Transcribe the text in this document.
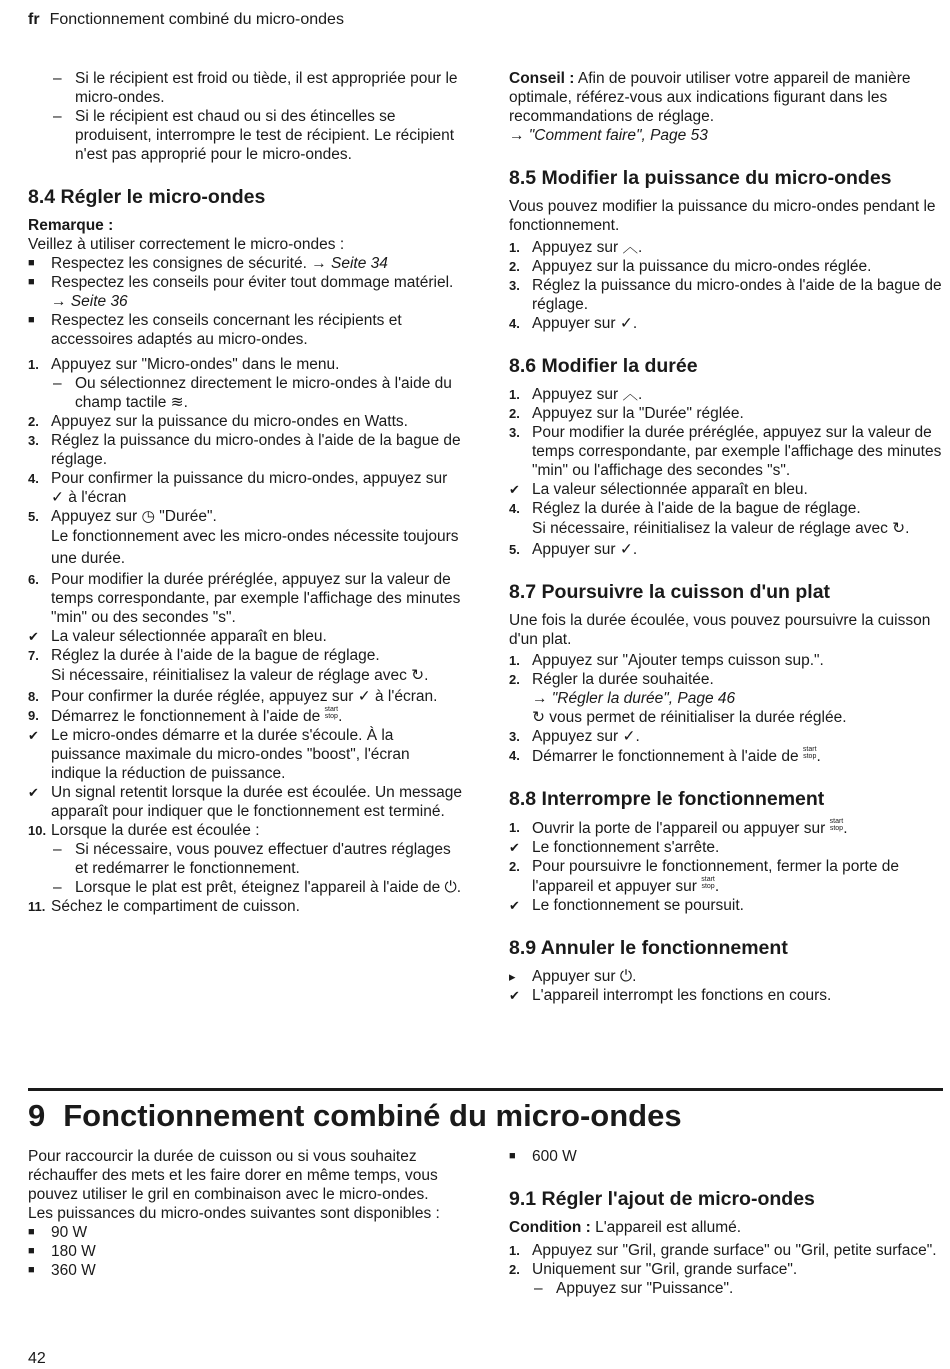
fr Fonctionnement combiné du micro-ondes
– Si le récipient est froid ou tiède, il est appropriée pour le micro-ondes.
– Si le récipient est chaud ou si des étincelles se produisent, interrompre le test de récipient. Le récipient n'est pas approprié pour le micro-ondes.
8.4 Régler le micro-ondes

Remarque :

Veillez à utiliser correctement le micro-ondes :

■ Respectez les consignes de sécurité. → Seite 34
■ Respectez les conseils pour éviter tout dommage matériel. → Seite 36
■ Respectez les conseils concernant les récipients et accessoires adaptés au micro-ondes.
1. Appuyez sur "Micro-ondes" dans le menu.
– Ou sélectionnez directement le micro-ondes à l'aide du champ tactile ≋.
2. Appuyez sur la puissance du micro-ondes en Watts.
3. Réglez la puissance du micro-ondes à l'aide de la bague de réglage.
4. Pour confirmer la puissance du micro-ondes, appuyez sur ✓ à l'écran
5. Appuyez sur ◷ "Durée".

Le fonctionnement avec les micro-ondes nécessite toujours une durée.

6. Pour modifier la durée préréglée, appuyez sur la valeur de temps correspondante, par exemple l'affichage des minutes "min" ou des secondes "s".
✔ La valeur sélectionnée apparaît en bleu.
7. Réglez la durée à l'aide de la bague de réglage.

Si nécessaire, réinitialisez la valeur de réglage avec ↻.

8. Pour confirmer la durée réglée, appuyez sur ✓ à l'écran.
9. Démarrez le fonctionnement à l'aide de start
stop.
✔ Le micro-ondes démarre et la durée s'écoule. À la puissance maximale du micro-ondes "boost", l'écran indique la réduction de puissance.
✔ Un signal retentit lorsque la durée est écoulée. Un message apparaît pour indiquer que le fonctionnement est terminé.
10. Lorsque la durée est écoulée :
– Si nécessaire, vous pouvez effectuer d'autres réglages et redémarrer le fonctionnement.
– Lorsque le plat est prêt, éteignez l'appareil à l'aide de ⏻.
11. Séchez le compartiment de cuisson.

Conseil : Afin de pouvoir utiliser votre appareil de manière optimale, référez-vous aux indications figurant dans les recommandations de réglage.

→ "Comment faire", Page 53

8.5 Modifier la puissance du micro-ondes

Vous pouvez modifier la puissance du micro-ondes pendant le fonctionnement.

1. Appuyez sur ︿.
2. Appuyez sur la puissance du micro-ondes réglée.
3. Réglez la puissance du micro-ondes à l'aide de la bague de réglage.
4. Appuyer sur ✓.
8.6 Modifier la durée
1. Appuyez sur ︿.
2. Appuyez sur la "Durée" réglée.
3. Pour modifier la durée préréglée, appuyez sur la valeur de temps correspondante, par exemple l'affichage des minutes "min" ou l'affichage des secondes "s".
✔ La valeur sélectionnée apparaît en bleu.
4. Réglez la durée à l'aide de la bague de réglage.

Si nécessaire, réinitialisez la valeur de réglage avec ↻.

5. Appuyer sur ✓.
8.7 Poursuivre la cuisson d'un plat

Une fois la durée écoulée, vous pouvez poursuivre la cuisson d'un plat.

1. Appuyez sur "Ajouter temps cuisson sup.".
2. Régler la durée souhaitée.

→ "Régler la durée", Page 46

↻ vous permet de réinitialiser la durée réglée.

3. Appuyez sur ✓.
4. Démarrer le fonctionnement à l'aide de start
stop.
8.8 Interrompre le fonctionnement
1. Ouvrir la porte de l'appareil ou appuyer sur start
stop.
✔ Le fonctionnement s'arrête.
2. Pour poursuivre le fonctionnement, fermer la porte de l'appareil et appuyer sur start
stop.
✔ Le fonctionnement se poursuit.
8.9 Annuler le fonctionnement
▸ Appuyer sur ⏻.
✔ L'appareil interrompt les fonctions en cours.
9 Fonctionnement combiné du micro-ondes

Pour raccourcir la durée de cuisson ou si vous souhaitez réchauffer des mets et les faire dorer en même temps, vous pouvez utiliser le gril en combinaison avec le micro-ondes.

Les puissances du micro-ondes suivantes sont disponibles :

■ 90 W
■ 180 W
■ 360 W
■ 600 W
9.1 Régler l'ajout de micro-ondes

Condition : L'appareil est allumé.

1. Appuyez sur "Gril, grande surface" ou "Gril, petite surface".
2. Uniquement sur "Gril, grande surface".
– Appuyez sur "Puissance".
42
